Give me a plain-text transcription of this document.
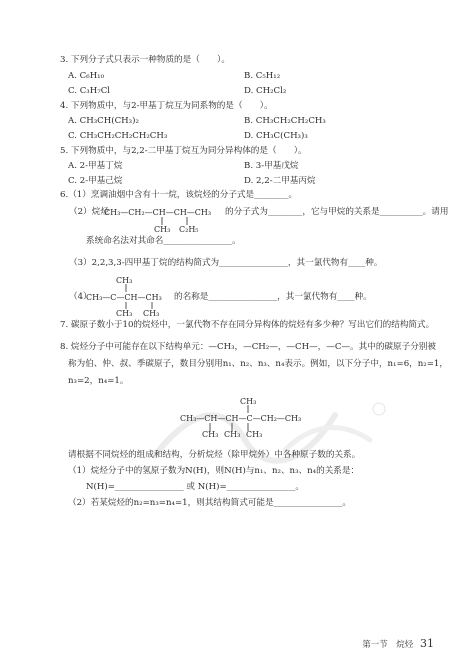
3. 下列分子式只表示一种物质的是（　　）。
A. C₆H₁₀	B. C₅H₁₂
C. C₃H₇Cl	D. CH₂Cl₂
4. 下列物质中，与2-甲基丁烷互为同系物的是（　　）。
A. CH₃CH(CH₃)₂	B. CH₃CH₂CH₂CH₃
C. CH₃CH₂CH₂CH₂CH₃	D. CH₃C(CH₃)₃
5. 下列物质中，与2,2-二甲基丁烷互为同分异构体的是（　　）。
A. 2-甲基丁烷	B. 3-甲基戊烷
C. 2-甲基己烷	D. 2,2-二甲基丙烷
6.（1）烹调油烟中含有十一烷，该烷烃的分子式是________。
（2）烷烃
CH₃—CH₂—CH—CH—CH₃
CH₃ C₂H₅
的分子式为________，它与甲烷的关系是__________。请用
系统命名法对其命名________________。
（3）2,2,3,3-四甲基丁烷的结构简式为________________，其一氯代物有____种。
CH₃
（4）
CH₃—C—CH—CH₃
CH₃ CH₃
的名称是________________，其一氯代物有____种。
7. 碳原子数小于10的烷烃中，一氯代物不存在同分异构体的烷烃有多少种？写出它们的结构简式。
8. 烷烃分子中可能存在以下结构单元：—CH₃，—CH₂—，—CH—，—C—。其中的碳原子分别被
称为伯、仲、叔、季碳原子，数目分别用n₁、n₂、n₃、n₄表示。例如，以下分子中，n₁=6，n₂=1，
n₃=2，n₄=1。
CH₃
CH₃—CH—CH—C—CH₂—CH₃
CH₃ CH₃ CH₃
请根据不同烷烃的组成和结构，分析烷烃（除甲烷外）中各种原子数的关系。
（1）烷烃分子中的氢原子数为N(H)，则N(H)与n₁、n₂、n₃、n₄的关系是：
N(H)=________________ 或 N(H)=________________。
（2）若某烷烃的n₂=n₃=n₄=1，则其结构简式可能是________________。
第一节　烷烃 31
